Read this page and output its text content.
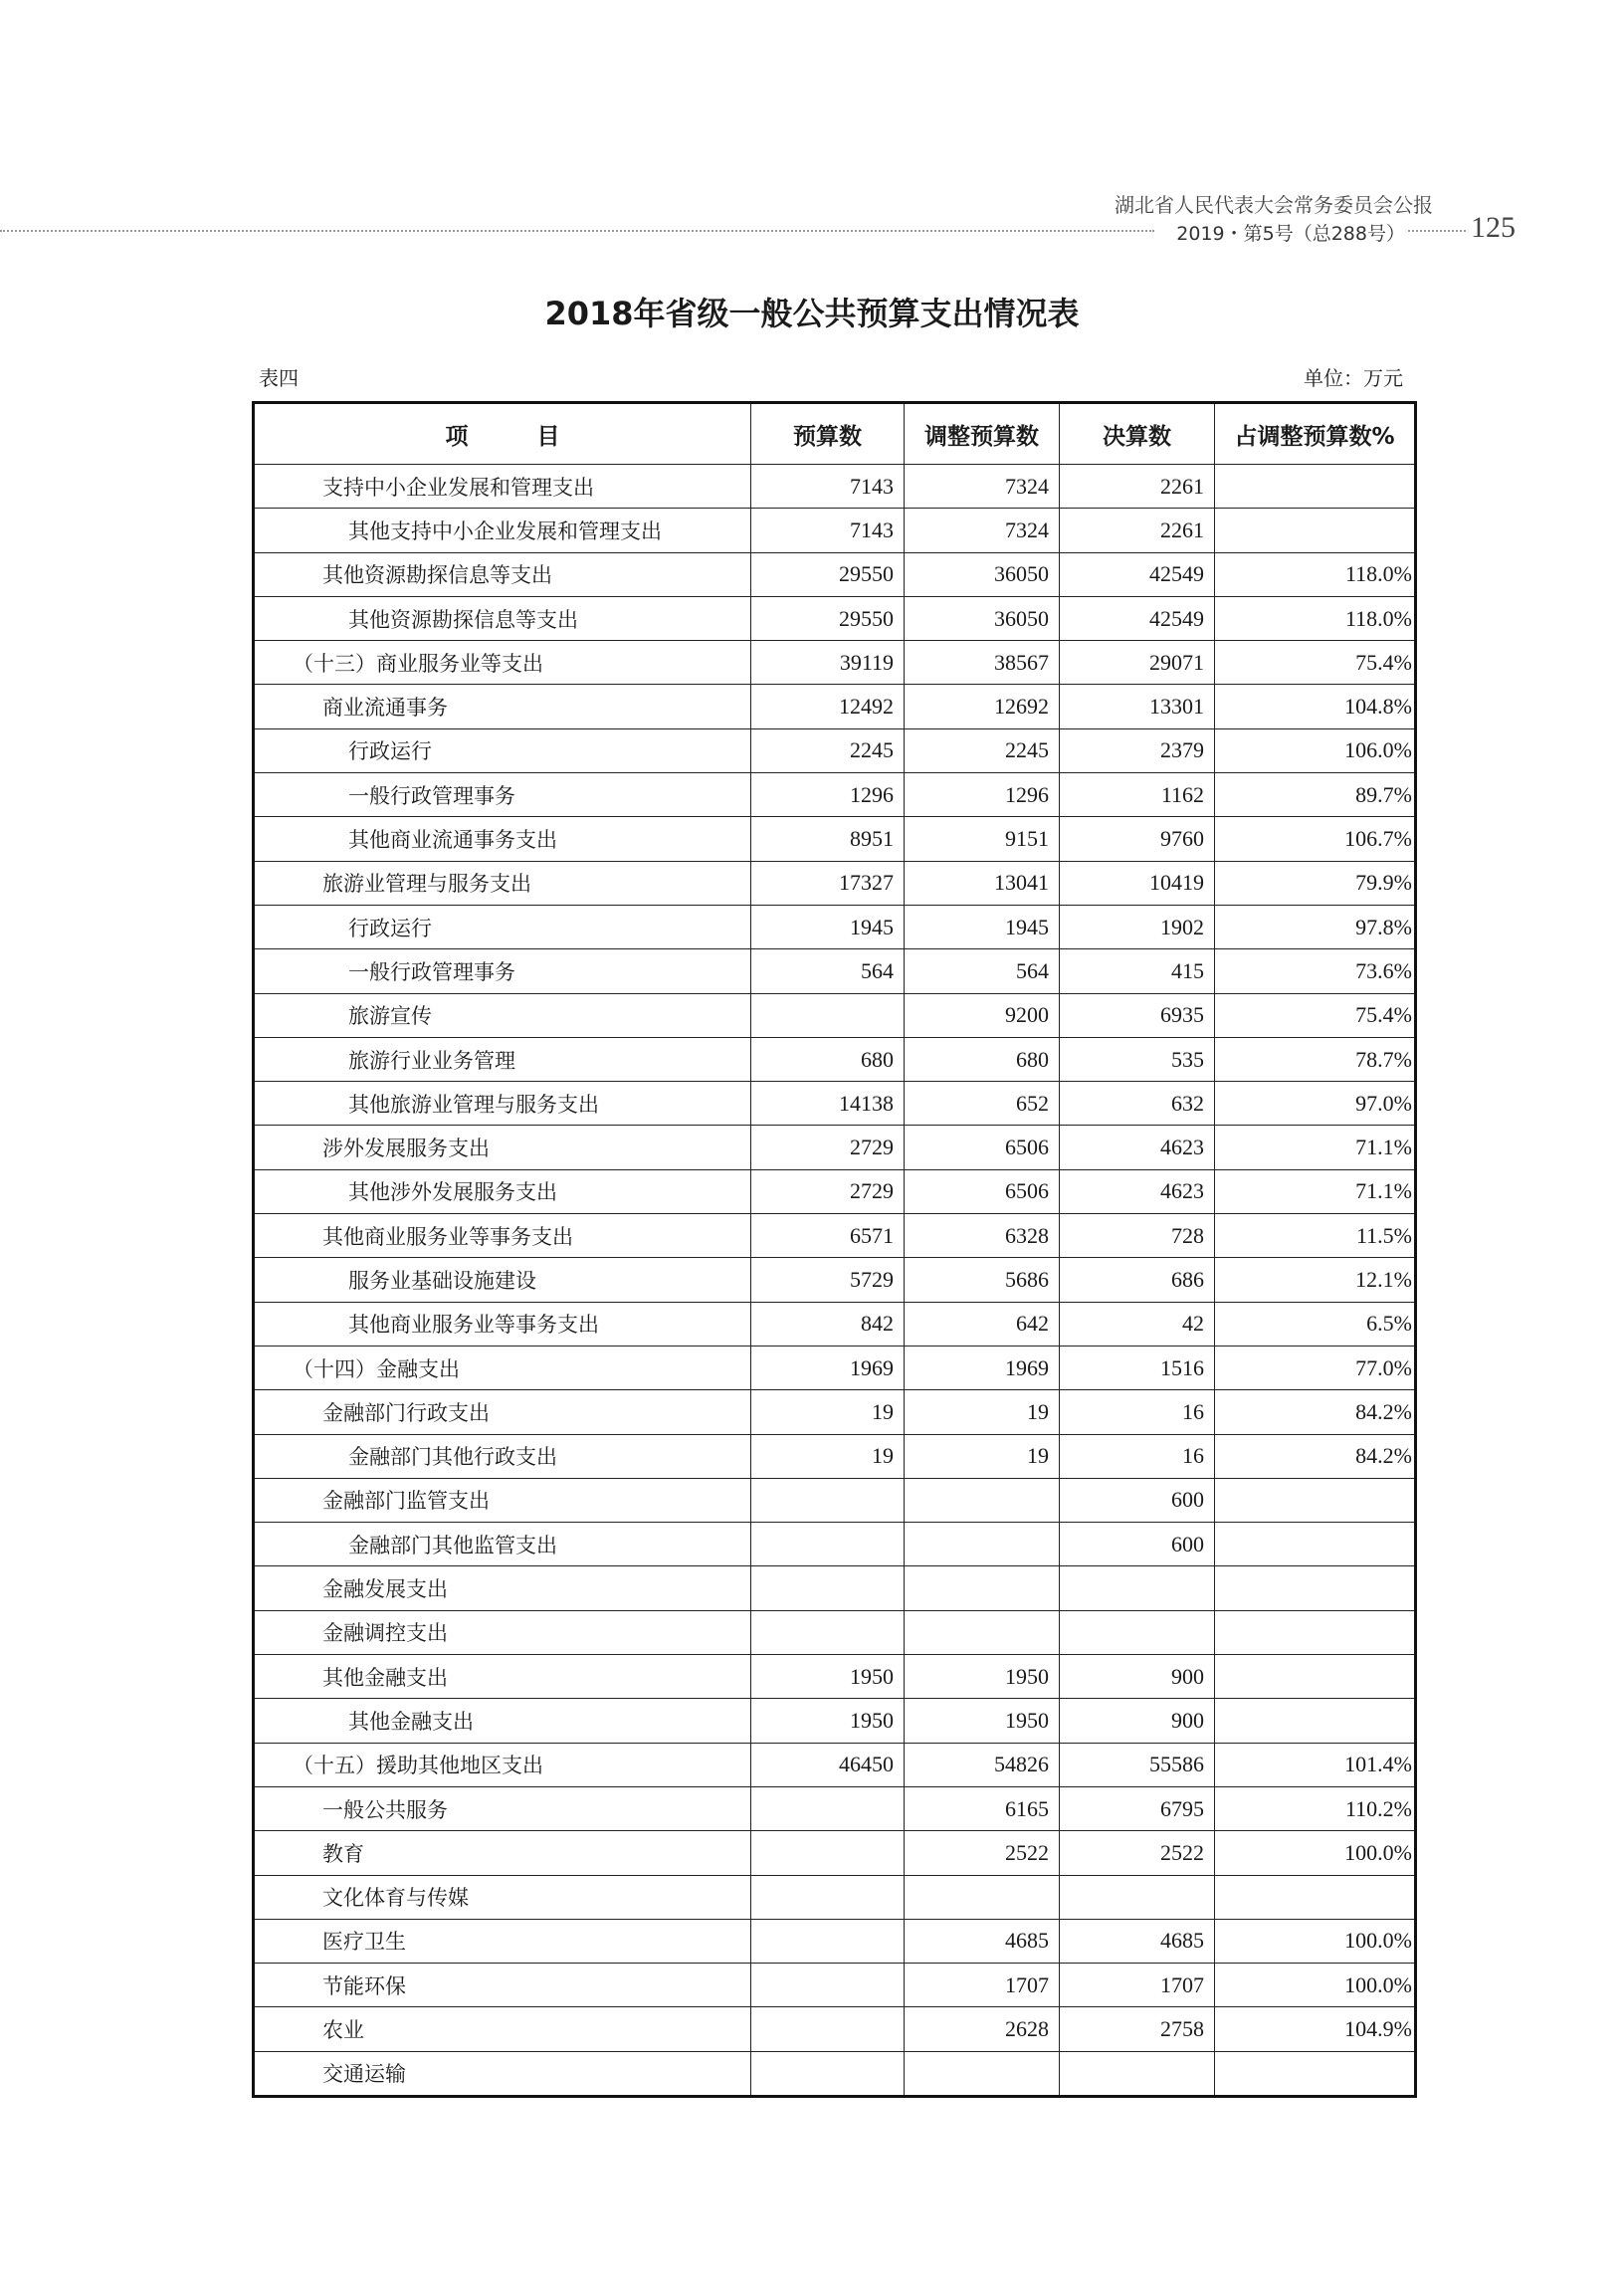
湖北省人民代表大会常务委员会公报
2019・第5号（总288号） 125
2018年省级一般公共预算支出情况表
表四	单位：万元
项　　　目	预算数	调整预算数	决算数	占调整预算数%
支持中小企业发展和管理支出	7143	7324	2261	
其他支持中小企业发展和管理支出	7143	7324	2261	
其他资源勘探信息等支出	29550	36050	42549	118.0%
其他资源勘探信息等支出	29550	36050	42549	118.0%
（十三）商业服务业等支出	39119	38567	29071	75.4%
商业流通事务	12492	12692	13301	104.8%
行政运行	2245	2245	2379	106.0%
一般行政管理事务	1296	1296	1162	89.7%
其他商业流通事务支出	8951	9151	9760	106.7%
旅游业管理与服务支出	17327	13041	10419	79.9%
行政运行	1945	1945	1902	97.8%
一般行政管理事务	564	564	415	73.6%
旅游宣传		9200	6935	75.4%
旅游行业业务管理	680	680	535	78.7%
其他旅游业管理与服务支出	14138	652	632	97.0%
涉外发展服务支出	2729	6506	4623	71.1%
其他涉外发展服务支出	2729	6506	4623	71.1%
其他商业服务业等事务支出	6571	6328	728	11.5%
服务业基础设施建设	5729	5686	686	12.1%
其他商业服务业等事务支出	842	642	42	6.5%
（十四）金融支出	1969	1969	1516	77.0%
金融部门行政支出	19	19	16	84.2%
金融部门其他行政支出	19	19	16	84.2%
金融部门监管支出			600	
金融部门其他监管支出			600	
金融发展支出				
金融调控支出				
其他金融支出	1950	1950	900	
其他金融支出	1950	1950	900	
（十五）援助其他地区支出	46450	54826	55586	101.4%
一般公共服务		6165	6795	110.2%
教育		2522	2522	100.0%
文化体育与传媒				
医疗卫生		4685	4685	100.0%
节能环保		1707	1707	100.0%
农业		2628	2758	104.9%
交通运输				
